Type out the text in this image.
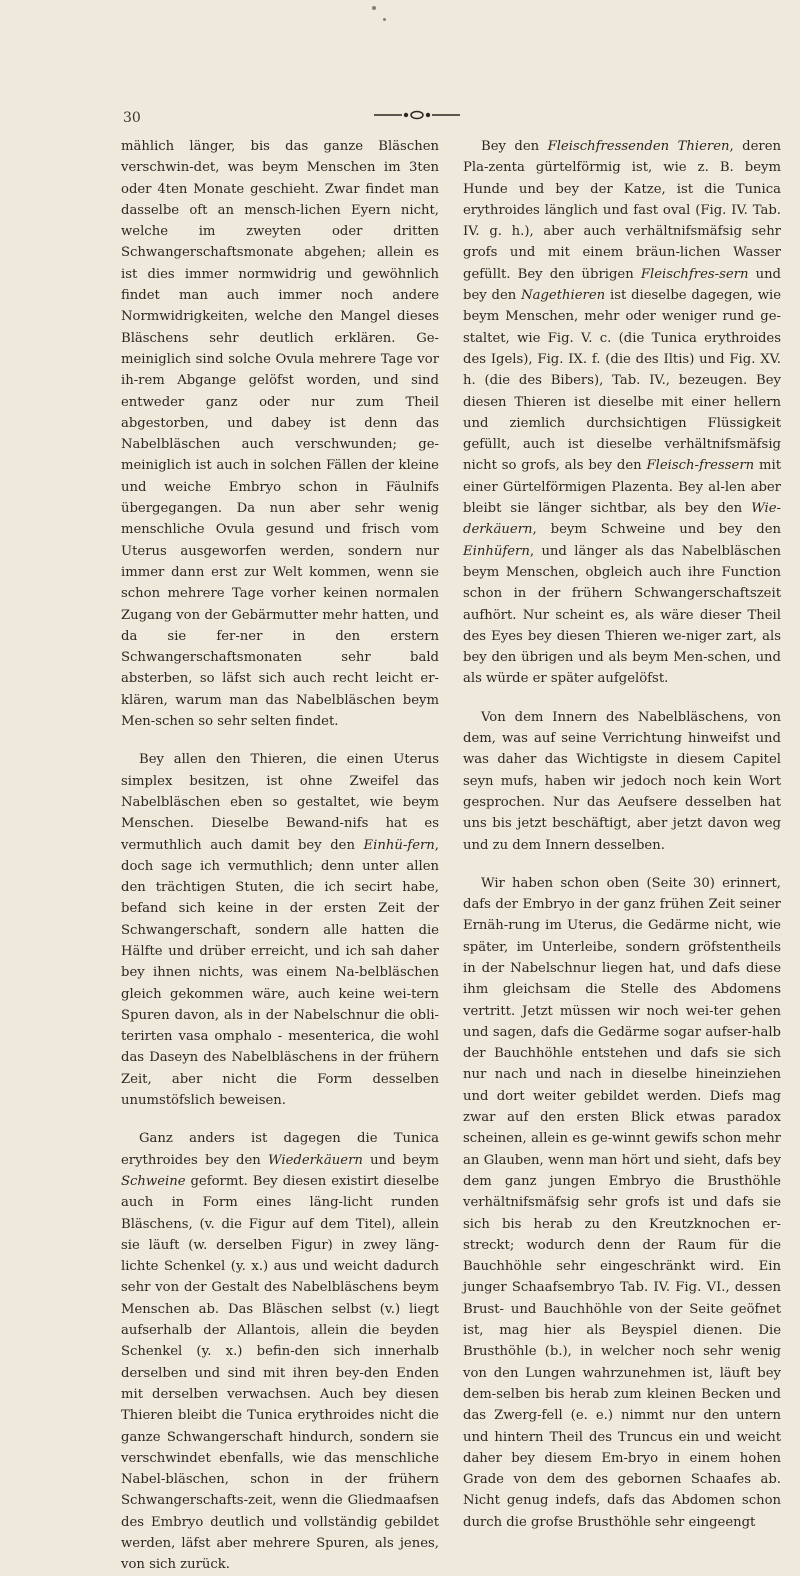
30

mählich länger, bis das ganze Bläschen verschwin-det, was beym Menschen im 3ten oder 4ten Monate geschieht. Zwar findet man dasselbe oft an mensch-lichen Eyern nicht, welche im zweyten oder dritten Schwangerschaftsmonate abgehen; allein es ist dies immer normwidrig und gewöhnlich findet man auch immer noch andere Normwidrigkeiten, welche den Mangel dieses Bläschens sehr deutlich erklären. Ge-meiniglich sind solche Ovula mehrere Tage vor ih-rem Abgange gelöfst worden, und sind entweder ganz oder nur zum Theil abgestorben, und dabey ist denn das Nabelbläschen auch verschwunden; ge-meiniglich ist auch in solchen Fällen der kleine und weiche Embryo schon in Fäulnifs übergegangen. Da nun aber sehr wenig menschliche Ovula gesund und frisch vom Uterus ausgeworfen werden, sondern nur immer dann erst zur Welt kommen, wenn sie schon mehrere Tage vorher keinen normalen Zugang von der Gebärmutter mehr hatten, und da sie fer-ner in den erstern Schwangerschaftsmonaten sehr bald absterben, so läfst sich auch recht leicht er-klären, warum man das Nabelbläschen beym Men-schen so sehr selten findet.

Bey allen den Thieren, die einen Uterus simplex besitzen, ist ohne Zweifel das Nabelbläschen eben so gestaltet, wie beym Menschen. Dieselbe Bewand-nifs hat es vermuthlich auch damit bey den Einhü-fern, doch sage ich vermuthlich; denn unter allen den trächtigen Stuten, die ich secirt habe, befand sich keine in der ersten Zeit der Schwangerschaft, sondern alle hatten die Hälfte und drüber erreicht, und ich sah daher bey ihnen nichts, was einem Na-belbläschen gleich gekommen wäre, auch keine wei-tern Spuren davon, als in der Nabelschnur die obli-terirten vasa omphalo - mesenterica, die wohl das Daseyn des Nabelbläschens in der frühern Zeit, aber nicht die Form desselben unumstöfslich beweisen.

Ganz anders ist dagegen die Tunica erythroides bey den Wiederkäuern und beym Schweine geformt. Bey diesen existirt dieselbe auch in Form eines läng-licht runden Bläschens, (v. die Figur auf dem Titel), allein sie läuft (w. derselben Figur) in zwey läng-lichte Schenkel (y. x.) aus und weicht dadurch sehr von der Gestalt des Nabelbläschens beym Menschen ab. Das Bläschen selbst (v.) liegt aufserhalb der Allantois, allein die beyden Schenkel (y. x.) befin-den sich innerhalb derselben und sind mit ihren bey-den Enden mit derselben verwachsen. Auch bey diesen Thieren bleibt die Tunica erythroides nicht die ganze Schwangerschaft hindurch, sondern sie verschwindet ebenfalls, wie das menschliche Nabel-bläschen, schon in der frühern Schwangerschafts-zeit, wenn die Gliedmaafsen des Embryo deutlich und vollständig gebildet werden, läfst aber mehrere Spuren, als jenes, von sich zurück.

Bey den Fleischfressenden Thieren, deren Pla-zenta gürtelförmig ist, wie z. B. beym Hunde und bey der Katze, ist die Tunica erythroides länglich und fast oval (Fig. IV. Tab. IV. g. h.), aber auch verhältnifsmäfsig sehr grofs und mit einem bräun-lichen Wasser gefüllt. Bey den übrigen Fleischfres-sern und bey den Nagethieren ist dieselbe dagegen, wie beym Menschen, mehr oder weniger rund ge-staltet, wie Fig. V. c. (die Tunica erythroides des Igels), Fig. IX. f. (die des Iltis) und Fig. XV. h. (die des Bibers), Tab. IV., bezeugen. Bey diesen Thieren ist dieselbe mit einer hellern und ziemlich durchsichtigen Flüssigkeit gefüllt, auch ist dieselbe verhältnifsmäfsig nicht so grofs, als bey den Fleisch-fressern mit einer Gürtelförmigen Plazenta. Bey al-len aber bleibt sie länger sichtbar, als bey den Wie-derkäuern, beym Schweine und bey den Einhüfern, und länger als das Nabelbläschen beym Menschen, obgleich auch ihre Function schon in der frühern Schwangerschaftszeit aufhört. Nur scheint es, als wäre dieser Theil des Eyes bey diesen Thieren we-niger zart, als bey den übrigen und als beym Men-schen, und als würde er später aufgelöfst.

Von dem Innern des Nabelbläschens, von dem, was auf seine Verrichtung hinweifst und was daher das Wichtigste in diesem Capitel seyn mufs, haben wir jedoch noch kein Wort gesprochen. Nur das Aeufsere desselben hat uns bis jetzt beschäftigt, aber jetzt davon weg und zu dem Innern desselben.

Wir haben schon oben (Seite 30) erinnert, dafs der Embryo in der ganz frühen Zeit seiner Ernäh-rung im Uterus, die Gedärme nicht, wie später, im Unterleibe, sondern gröfstentheils in der Nabelschnur liegen hat, und dafs diese ihm gleichsam die Stelle des Abdomens vertritt. Jetzt müssen wir noch wei-ter gehen und sagen, dafs die Gedärme sogar aufser-halb der Bauchhöhle entstehen und dafs sie sich nur nach und nach in dieselbe hineinziehen und dort weiter gebildet werden. Diefs mag zwar auf den ersten Blick etwas paradox scheinen, allein es ge-winnt gewifs schon mehr an Glauben, wenn man hört und sieht, dafs bey dem ganz jungen Embryo die Brusthöhle verhältnifsmäfsig sehr grofs ist und dafs sie sich bis herab zu den Kreutzknochen er-streckt; wodurch denn der Raum für die Bauchhöhle sehr eingeschränkt wird. Ein junger Schaafsembryo Tab. IV. Fig. VI., dessen Brust- und Bauchhöhle von der Seite geöfnet ist, mag hier als Beyspiel dienen. Die Brusthöhle (b.), in welcher noch sehr wenig von den Lungen wahrzunehmen ist, läuft bey dem-selben bis herab zum kleinen Becken und das Zwerg-fell (e. e.) nimmt nur den untern und hintern Theil des Truncus ein und weicht daher bey diesem Em-bryo in einem hohen Grade von dem des gebornen Schaafes ab. Nicht genug indefs, dafs das Abdomen schon durch die grofse Brusthöhle sehr eingeengt
